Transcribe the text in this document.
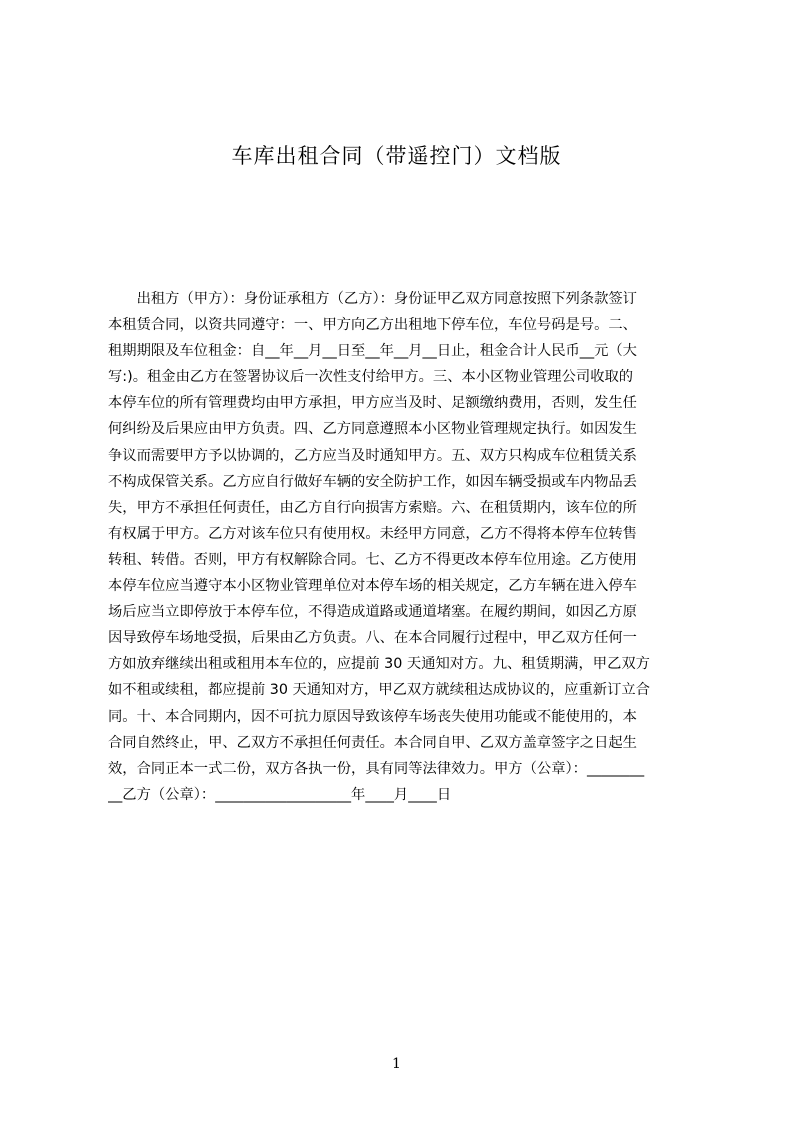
车库出租合同（带遥控门）文档版
　　出租方（甲方）：身份证承租方（乙方）：身份证甲乙双方同意按照下列条款签订
本租赁合同，以资共同遵守：一、甲方向乙方出租地下停车位，车位号码是号。二、
租期期限及车位租金：自__年__月__日至__年__月__日止，租金合计人民币__元（大
写:)。租金由乙方在签署协议后一次性支付给甲方。三、本小区物业管理公司收取的
本停车位的所有管理费均由甲方承担，甲方应当及时、足额缴纳费用，否则，发生任
何纠纷及后果应由甲方负责。四、乙方同意遵照本小区物业管理规定执行。如因发生
争议而需要甲方予以协调的，乙方应当及时通知甲方。五、双方只构成车位租赁关系
不构成保管关系。乙方应自行做好车辆的安全防护工作，如因车辆受损或车内物品丢
失，甲方不承担任何责任，由乙方自行向损害方索赔。六、在租赁期内，该车位的所
有权属于甲方。乙方对该车位只有使用权。未经甲方同意，乙方不得将本停车位转售
转租、转借。否则，甲方有权解除合同。七、乙方不得更改本停车位用途。乙方使用
本停车位应当遵守本小区物业管理单位对本停车场的相关规定，乙方车辆在进入停车
场后应当立即停放于本停车位，不得造成道路或通道堵塞。在履约期间，如因乙方原
因导致停车场地受损，后果由乙方负责。八、在本合同履行过程中，甲乙双方任何一
方如放弃继续出租或租用本车位的，应提前 30 天通知对方。九、租赁期满，甲乙双方
如不租或续租，都应提前 30 天通知对方，甲乙双方就续租达成协议的，应重新订立合
同。十、本合同期内，因不可抗力原因导致该停车场丧失使用功能或不能使用的，本
合同自然终止，甲、乙双方不承担任何责任。本合同自甲、乙双方盖章签字之日起生
效，合同正本一式二份，双方各执一份，具有同等法律效力。甲方（公章）：________
__乙方（公章）：___________________年____月____日
1
